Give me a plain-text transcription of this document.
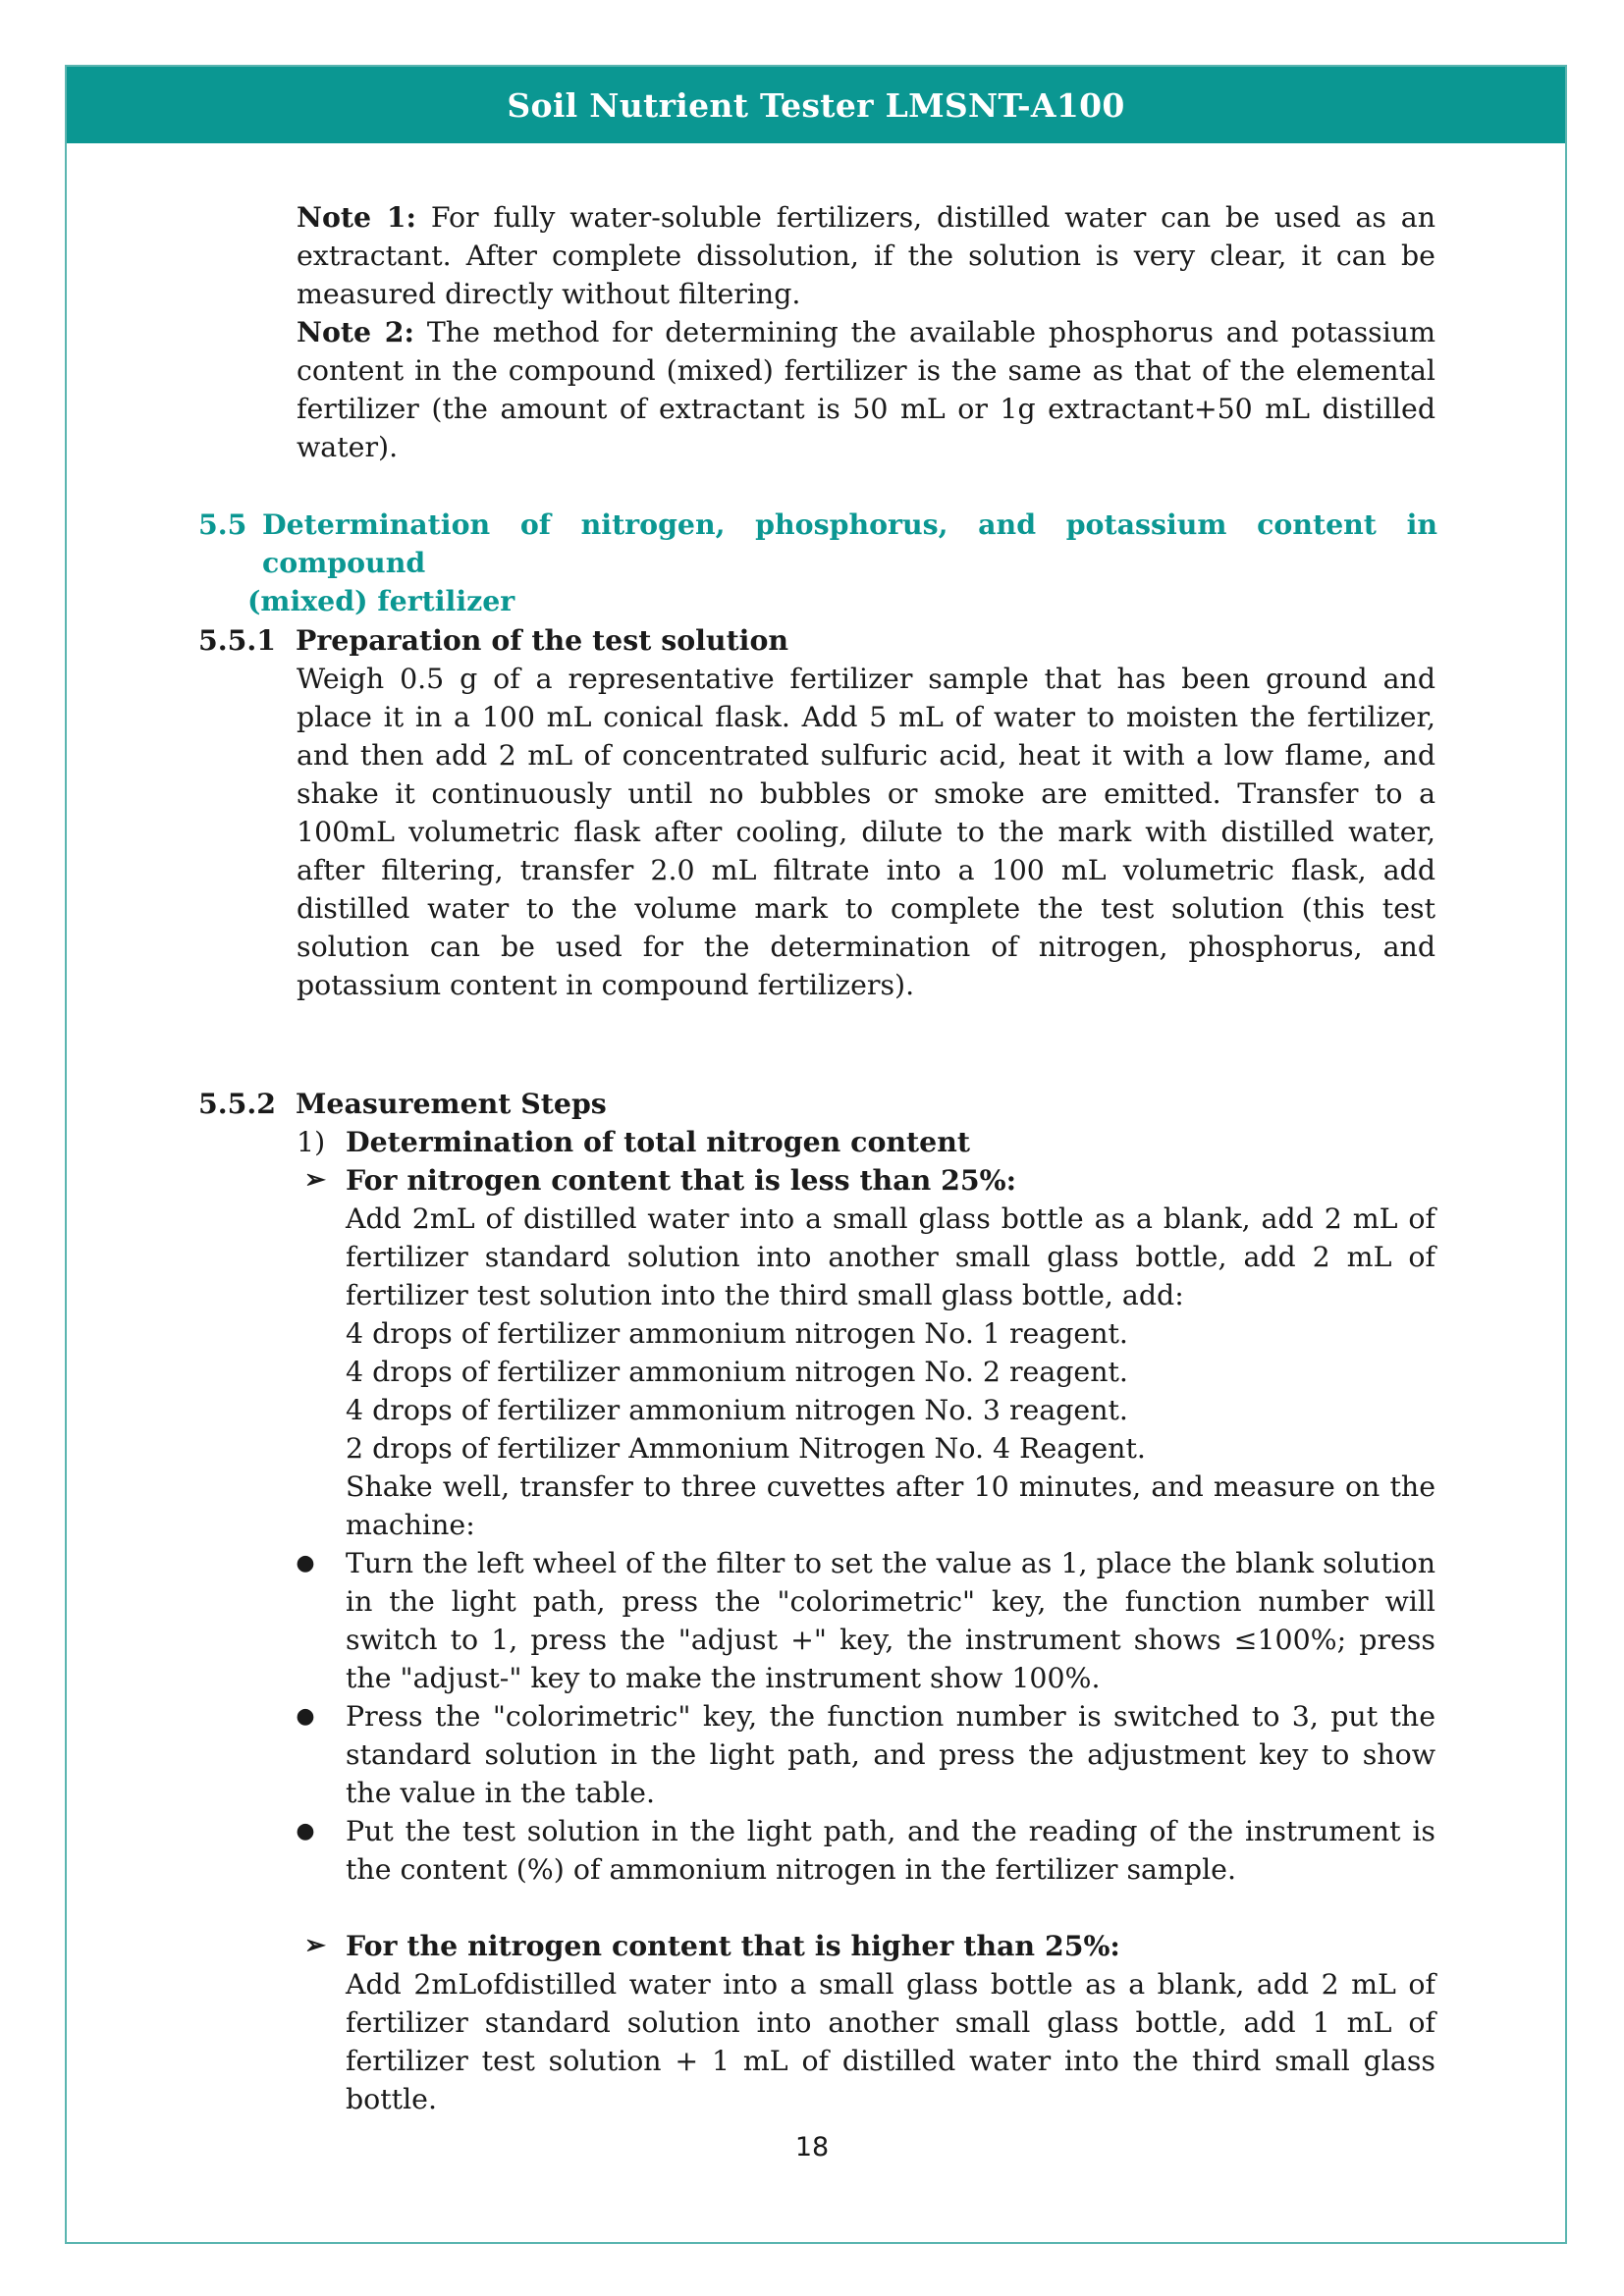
Soil Nutrient Tester LMSNT-A100
Note 1: For fully water-soluble fertilizers, distilled water can be used as an extractant. After complete dissolution, if the solution is very clear, it can be measured directly without filtering.
Note 2: The method for determining the available phosphorus and potassium content in the compound (mixed) fertilizer is the same as that of the elemental fertilizer (the amount of extractant is 50 mL or 1g extractant+50 mL distilled water).
5.5 Determination of nitrogen, phosphorus, and potassium content in compound
(mixed) fertilizer
5.5.1 Preparation of the test solution
Weigh 0.5 g of a representative fertilizer sample that has been ground and place it in a 100 mL conical flask. Add 5 mL of water to moisten the fertilizer, and then add 2 mL of concentrated sulfuric acid, heat it with a low flame, and shake it continuously until no bubbles or smoke are emitted. Transfer to a 100mL volumetric flask after cooling, dilute to the mark with distilled water, after filtering, transfer 2.0 mL filtrate into a 100 mL volumetric flask, add distilled water to the volume mark to complete the test solution (this test solution can be used for the determination of nitrogen, phosphorus, and potassium content in compound fertilizers).
5.5.2 Measurement Steps
1) Determination of total nitrogen content
➢ For nitrogen content that is less than 25%:
Add 2mL of distilled water into a small glass bottle as a blank, add 2 mL of fertilizer standard solution into another small glass bottle, add 2 mL of fertilizer test solution into the third small glass bottle, add:
4 drops of fertilizer ammonium nitrogen No. 1 reagent.
4 drops of fertilizer ammonium nitrogen No. 2 reagent.
4 drops of fertilizer ammonium nitrogen No. 3 reagent.
2 drops of fertilizer Ammonium Nitrogen No. 4 Reagent.
Shake well, transfer to three cuvettes after 10 minutes, and measure on the machine:
●	Turn the left wheel of the filter to set the value as 1, place the blank solution in the light path, press the "colorimetric" key, the function number will switch to 1, press the "adjust +" key, the instrument shows ≤100%; press the "adjust-" key to make the instrument show 100%.
●	Press the "colorimetric" key, the function number is switched to 3, put the standard solution in the light path, and press the adjustment key to show the value in the table.
●	Put the test solution in the light path, and the reading of the instrument is the content (%) of ammonium nitrogen in the fertilizer sample.
➢ For the nitrogen content that is higher than 25%:
Add 2mLofdistilled water into a small glass bottle as a blank, add 2 mL of fertilizer standard solution into another small glass bottle, add 1 mL of fertilizer test solution + 1 mL of distilled water into the third small glass bottle.
18
